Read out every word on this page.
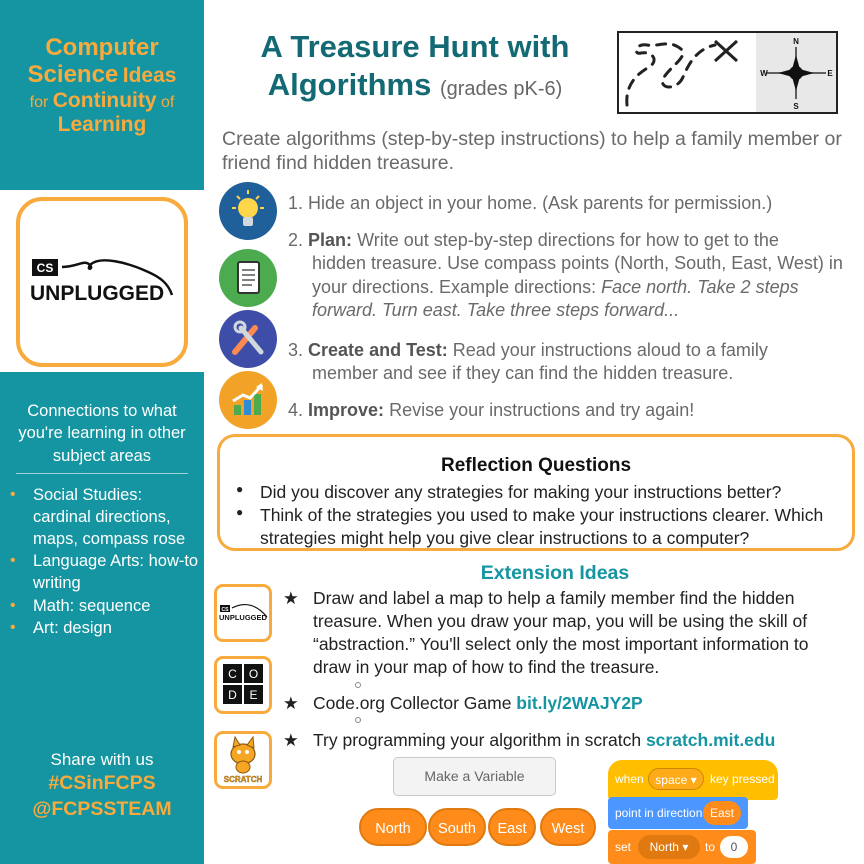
Computer
Science Ideas
for Continuity of
Learning
CS
UNPLUGGED
Connections to what you're learning in other subject areas
• Social Studies: cardinal directions, maps, compass rose
• Language Arts: how-to writing
• Math: sequence
• Art: design
Share with us
#CSinFCPS
@FCPSSTEAM
A Treasure Hunt with
Algorithms (grades pK-6)
N
S
W	E
Create algorithms (step-by-step instructions) to help a family member or friend find hidden treasure.
1. Hide an object in your home. (Ask parents for permission.)
2. Plan: Write out step-by-step directions for how to get to the
hidden treasure. Use compass points (North, South, East, West) in your directions. Example directions: Face north. Take 2 steps forward. Turn east. Take three steps forward...
3. Create and Test: Read your instructions aloud to a family
member and see if they can find the hidden treasure.
4. Improve: Revise your instructions and try again!
Reflection Questions
● Did you discover any strategies for making your instructions better?
● Think of the strategies you used to make your instructions clearer. Which strategies might help you give clear instructions to a computer?
Extension Ideas
CS
UNPLUGGED
C O
D E
SCRATCH
★ Draw and label a map to help a family member find the hidden treasure. When you draw your map, you will be using the skill of “abstraction.” You'll select only the most important information to draw in your map of how to find the treasure.
★ Code.org Collector Game bit.ly/2WAJY2P
★ Try programming your algorithm in scratch scratch.mit.edu
Make a Variable
North	South	East	West
when space ▾	key pressed
point in direction East
set	North ▾	to	0
